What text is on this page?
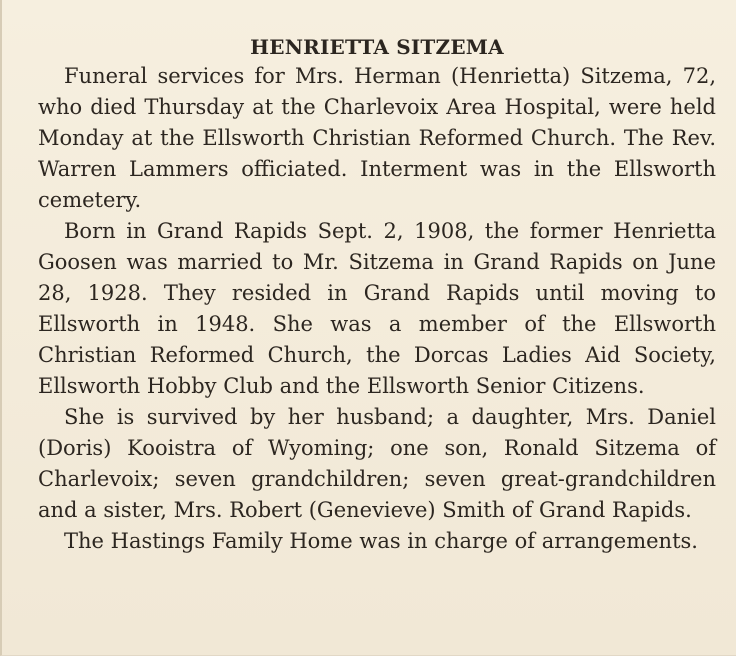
HENRIETTA SITZEMA

Funeral services for Mrs. Herman (Henrietta) Sitzema, 72, who died Thursday at the Charlevoix Area Hospital, were held Monday at the Ellsworth Christian Reformed Church. The Rev. Warren Lammers officiated. Interment was in the Ellsworth cemetery.

Born in Grand Rapids Sept. 2, 1908, the former Henrietta Goosen was married to Mr. Sitzema in Grand Rapids on June 28, 1928. They resided in Grand Rapids until moving to Ellsworth in 1948. She was a member of the Ellsworth Christian Reformed Church, the Dorcas Ladies Aid Society, Ellsworth Hobby Club and the Ellsworth Senior Citizens.

She is survived by her husband; a daughter, Mrs. Daniel (Doris) Kooistra of Wyoming; one son, Ronald Sitzema of Charlevoix; seven grandchildren; seven great-grandchildren and a sister, Mrs. Robert (Genevieve) Smith of Grand Rapids.

The Hastings Family Home was in charge of arrangements.
